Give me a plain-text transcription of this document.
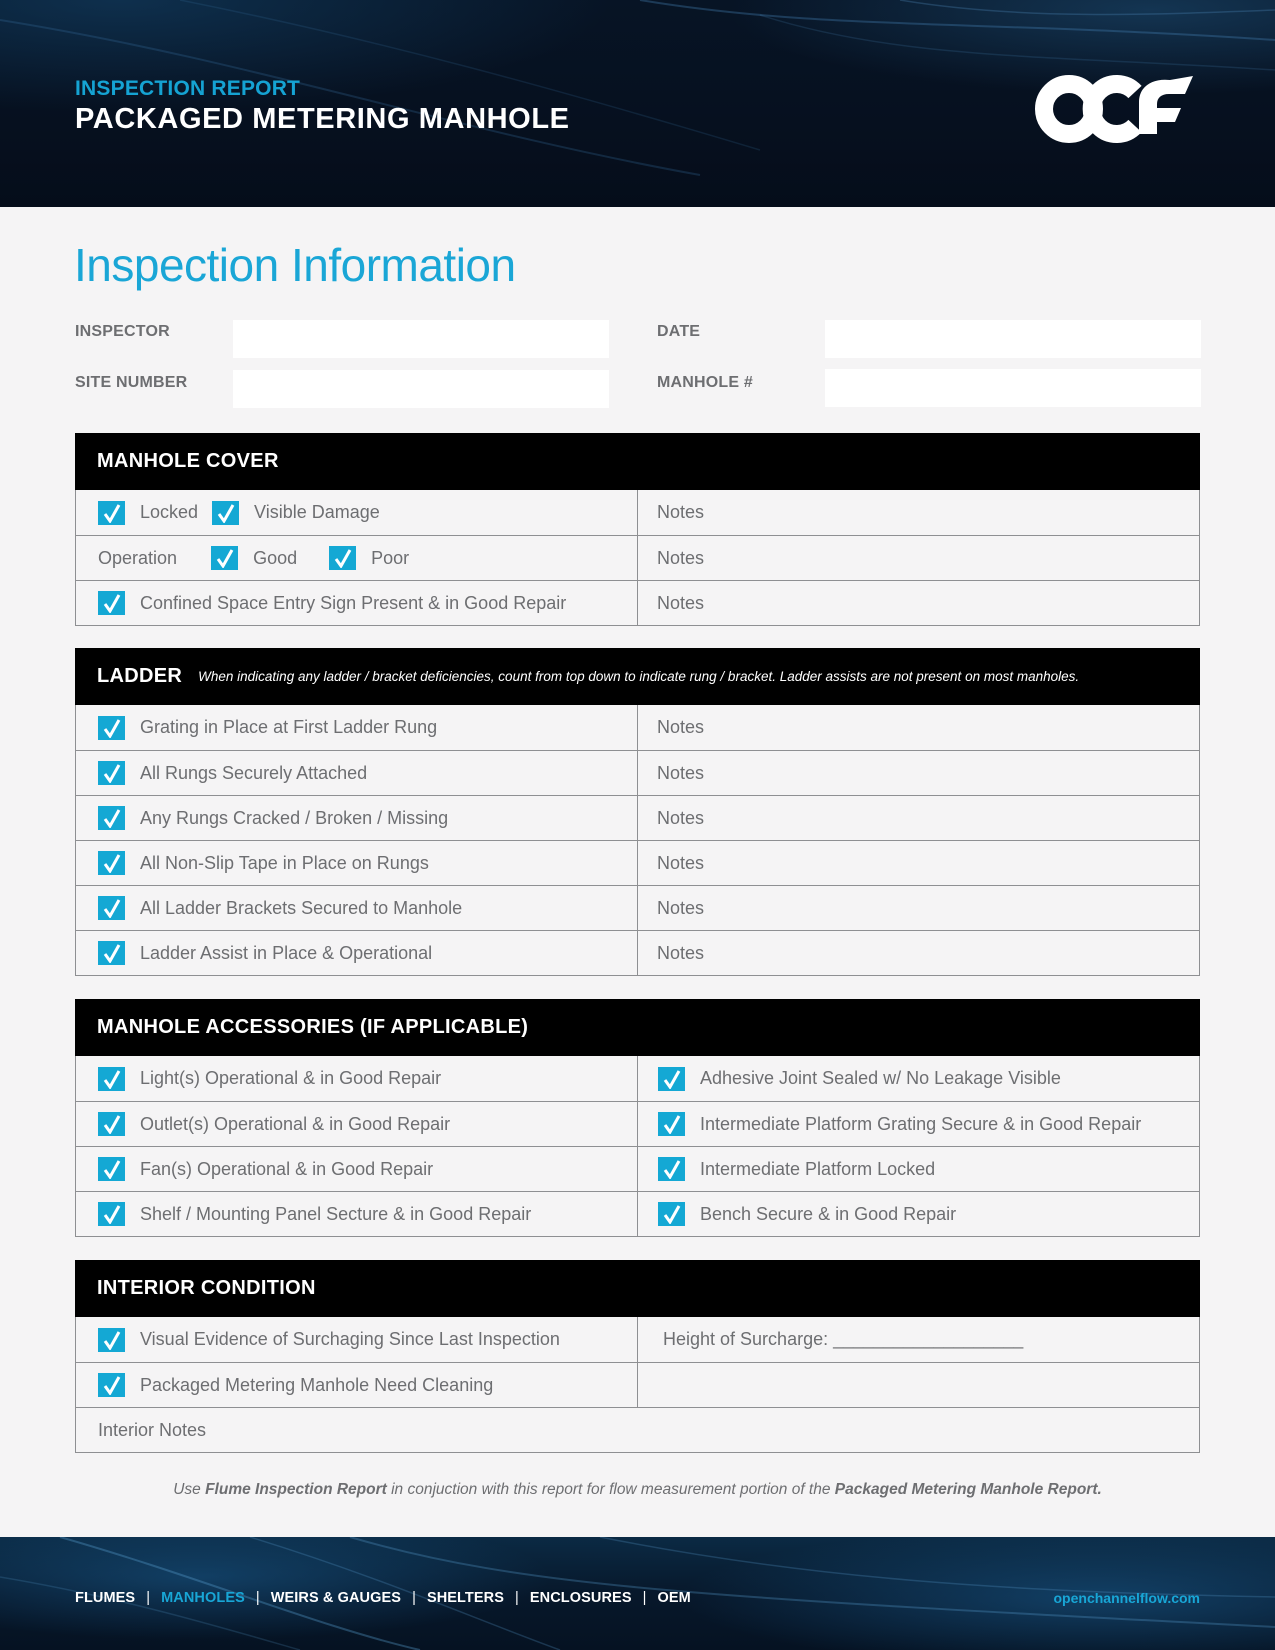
INSPECTION REPORT
PACKAGED METERING MANHOLE
Inspection Information
INSPECTOR	DATE
SITE NUMBER	MANHOLE #
MANHOLE COVER
Locked	Visible Damage	Notes
Operation	Good	Poor	Notes
Confined Space Entry Sign Present & in Good Repair	Notes
LADDER When indicating any ladder / bracket deficiencies, count from top down to indicate rung / bracket. Ladder assists are not present on most manholes.
Grating in Place at First Ladder Rung	Notes
All Rungs Securely Attached	Notes
Any Rungs Cracked / Broken / Missing	Notes
All Non-Slip Tape in Place on Rungs	Notes
All Ladder Brackets Secured to Manhole	Notes
Ladder Assist in Place & Operational	Notes
MANHOLE ACCESSORIES (IF APPLICABLE)
Light(s) Operational & in Good Repair	Adhesive Joint Sealed w/ No Leakage Visible
Outlet(s) Operational & in Good Repair	Intermediate Platform Grating Secure & in Good Repair
Fan(s) Operational & in Good Repair	Intermediate Platform Locked
Shelf / Mounting Panel Secture & in Good Repair	Bench Secure & in Good Repair
INTERIOR CONDITION
Visual Evidence of Surchaging Since Last Inspection	Height of Surcharge: ___________________
Packaged Metering Manhole Need Cleaning
Interior Notes
Use Flume Inspection Report in conjuction with this report for flow measurement portion of the Packaged Metering Manhole Report.
FLUMES | MANHOLES | WEIRS & GAUGES | SHELTERS | ENCLOSURES | OEM	openchannelflow.com
